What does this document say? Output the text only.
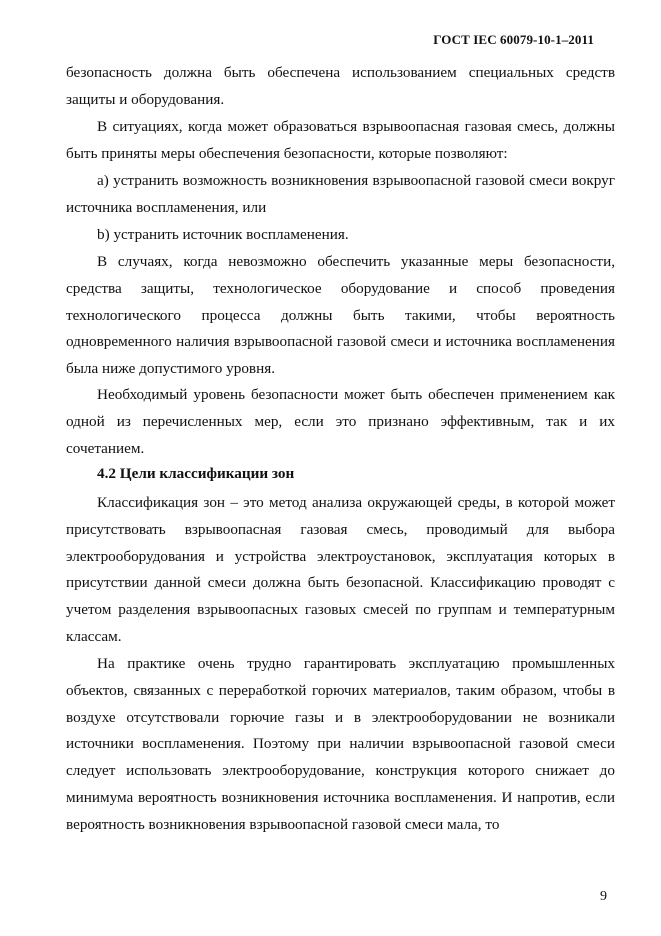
ГОСТ IEC 60079-10-1–2011

безопасность должна быть обеспечена использованием специальных средств защиты и оборудования.

В ситуациях, когда может образоваться взрывоопасная газовая смесь, должны быть приняты меры обеспечения безопасности, которые позволяют:

a) устранить возможность возникновения взрывоопасной газовой смеси вокруг источника воспламенения, или

b) устранить источник воспламенения.

В случаях, когда невозможно обеспечить указанные меры безопасности, средства защиты, технологическое оборудование и способ проведения технологического процесса должны быть такими, чтобы вероятность одновременного наличия взрывоопасной газовой смеси и источника воспламенения была ниже допустимого уровня.

Необходимый уровень безопасности может быть обеспечен применением как одной из перечисленных мер, если это признано эффективным, так и их сочетанием.

4.2 Цели классификации зон

Классификация зон – это метод анализа окружающей среды, в которой может присутствовать взрывоопасная газовая смесь, проводимый для выбора электрооборудования и устройства электроустановок, эксплуатация которых в присутствии данной смеси должна быть безопасной. Классификацию проводят с учетом разделения взрывоопасных газовых смесей по группам и температурным классам.

На практике очень трудно гарантировать эксплуатацию промышленных объектов, связанных с переработкой горючих материалов, таким образом, чтобы в воздухе отсутствовали горючие газы и в электрооборудовании не возникали источники воспламенения. Поэтому при наличии взрывоопасной газовой смеси следует использовать электрооборудование, конструкция которого снижает до минимума вероятность возникновения источника воспламенения. И напротив, если вероятность возникновения взрывоопасной газовой смеси мала, то

9
